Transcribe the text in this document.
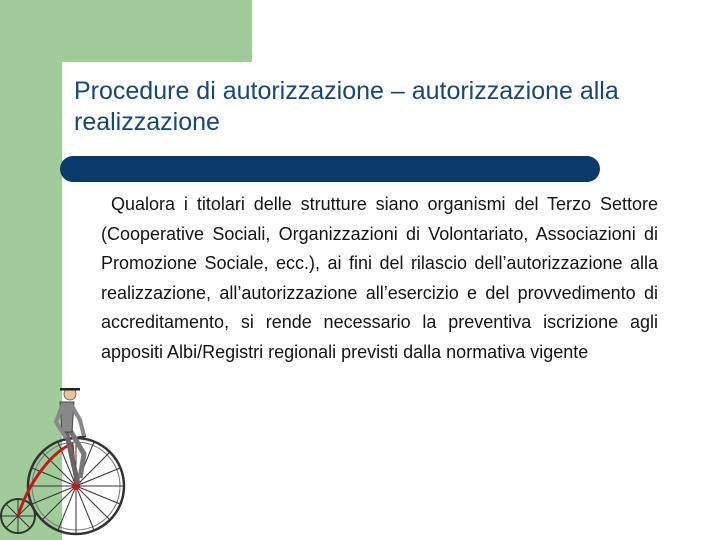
Procedure di autorizzazione – autorizzazione alla realizzazione

Qualora i titolari delle strutture siano organismi del Terzo Settore (Cooperative Sociali, Organizzazioni di Volontariato, Associazioni di Promozione Sociale, ecc.), ai fini del rilascio dell’autorizzazione alla realizzazione, all’autorizzazione all’esercizio e del provvedimento di accreditamento, si rende necessario la preventiva iscrizione agli appositi Albi/Registri regionali previsti dalla normativa vigente
